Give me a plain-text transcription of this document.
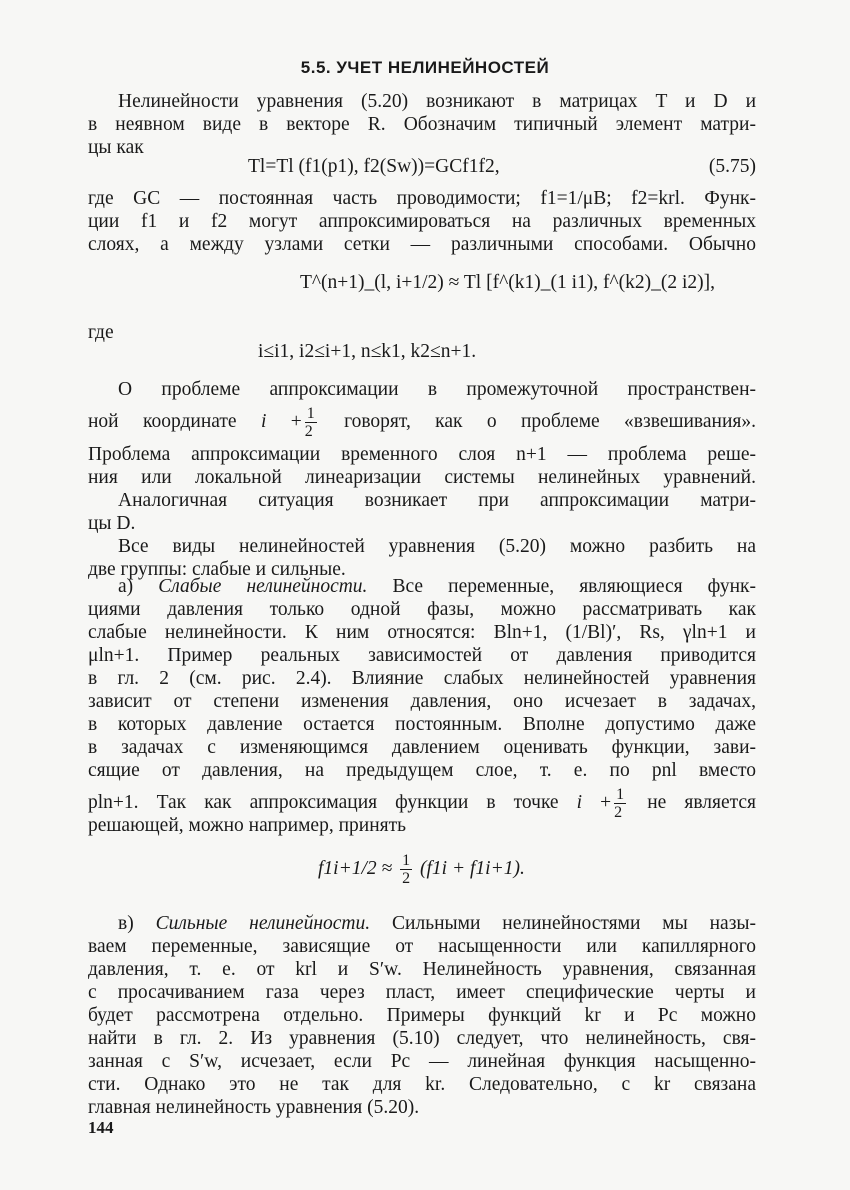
5.5. УЧЕТ НЕЛИНЕЙНОСТЕЙ
Нелинейности уравнения (5.20) возникают в матрицах T и D и
в неявном виде в векторе R. Обозначим типичный элемент матри-
цы как
Tl=Tl (f1(p1), f2(Sw))=GCf1f2,	(5.75)
где GC — постоянная часть проводимости; f1=1/μB; f2=krl. Функ-
ции f1 и f2 могут аппроксимироваться на различных временных
слоях, а между узлами сетки — различными способами. Обычно
T^(n+1)_(l, i+1/2) ≈ Tl [f^(k1)_(1 i1), f^(k2)_(2 i2)],
где
i≤i1, i2≤i+1, n≤k1, k2≤n+1.
О проблеме аппроксимации в промежуточной пространствен-
ной координате $i + \frac{1}{2}$ говорят, как о проблеме «взвешивания».
Проблема аппроксимации временного слоя n+1 — проблема реше-
ния или локальной линеаризации системы нелинейных уравнений.
Аналогичная ситуация возникает при аппроксимации матри-
цы D.
Все виды нелинейностей уравнения (5.20) можно разбить на
две группы: слабые и сильные.
а) Слабые нелинейности. Все переменные, являющиеся функ-
циями давления только одной фазы, можно рассматривать как
слабые нелинейности. К ним относятся: Bln+1, (1/Bl)′, Rs, γln+1 и
μln+1. Пример реальных зависимостей от давления приводится
в гл. 2 (см. рис. 2.4). Влияние слабых нелинейностей уравнения
зависит от степени изменения давления, оно исчезает в задачах,
в которых давление остается постоянным. Вполне допустимо даже
в задачах с изменяющимся давлением оценивать функции, зави-
сящие от давления, на предыдущем слое, т. е. по pnl вместо
pln+1. Так как аппроксимация функции в точке $i + \frac{1}{2}$ не является
решающей, можно например, принять
$f1i+1/2 \approx \frac{1}{2} (f1i + f1i+1)$.
в) Сильные нелинейности. Сильными нелинейностями мы назы-
ваем переменные, зависящие от насыщенности или капиллярного
давления, т. е. от krl и S′w. Нелинейность уравнения, связанная
с просачиванием газа через пласт, имеет специфические черты и
будет рассмотрена отдельно. Примеры функций kr и Pc можно
найти в гл. 2. Из уравнения (5.10) следует, что нелинейность, свя-
занная с S′w, исчезает, если Pc — линейная функция насыщенно-
сти. Однако это не так для kr. Следовательно, с kr связана
главная нелинейность уравнения (5.20).
144
